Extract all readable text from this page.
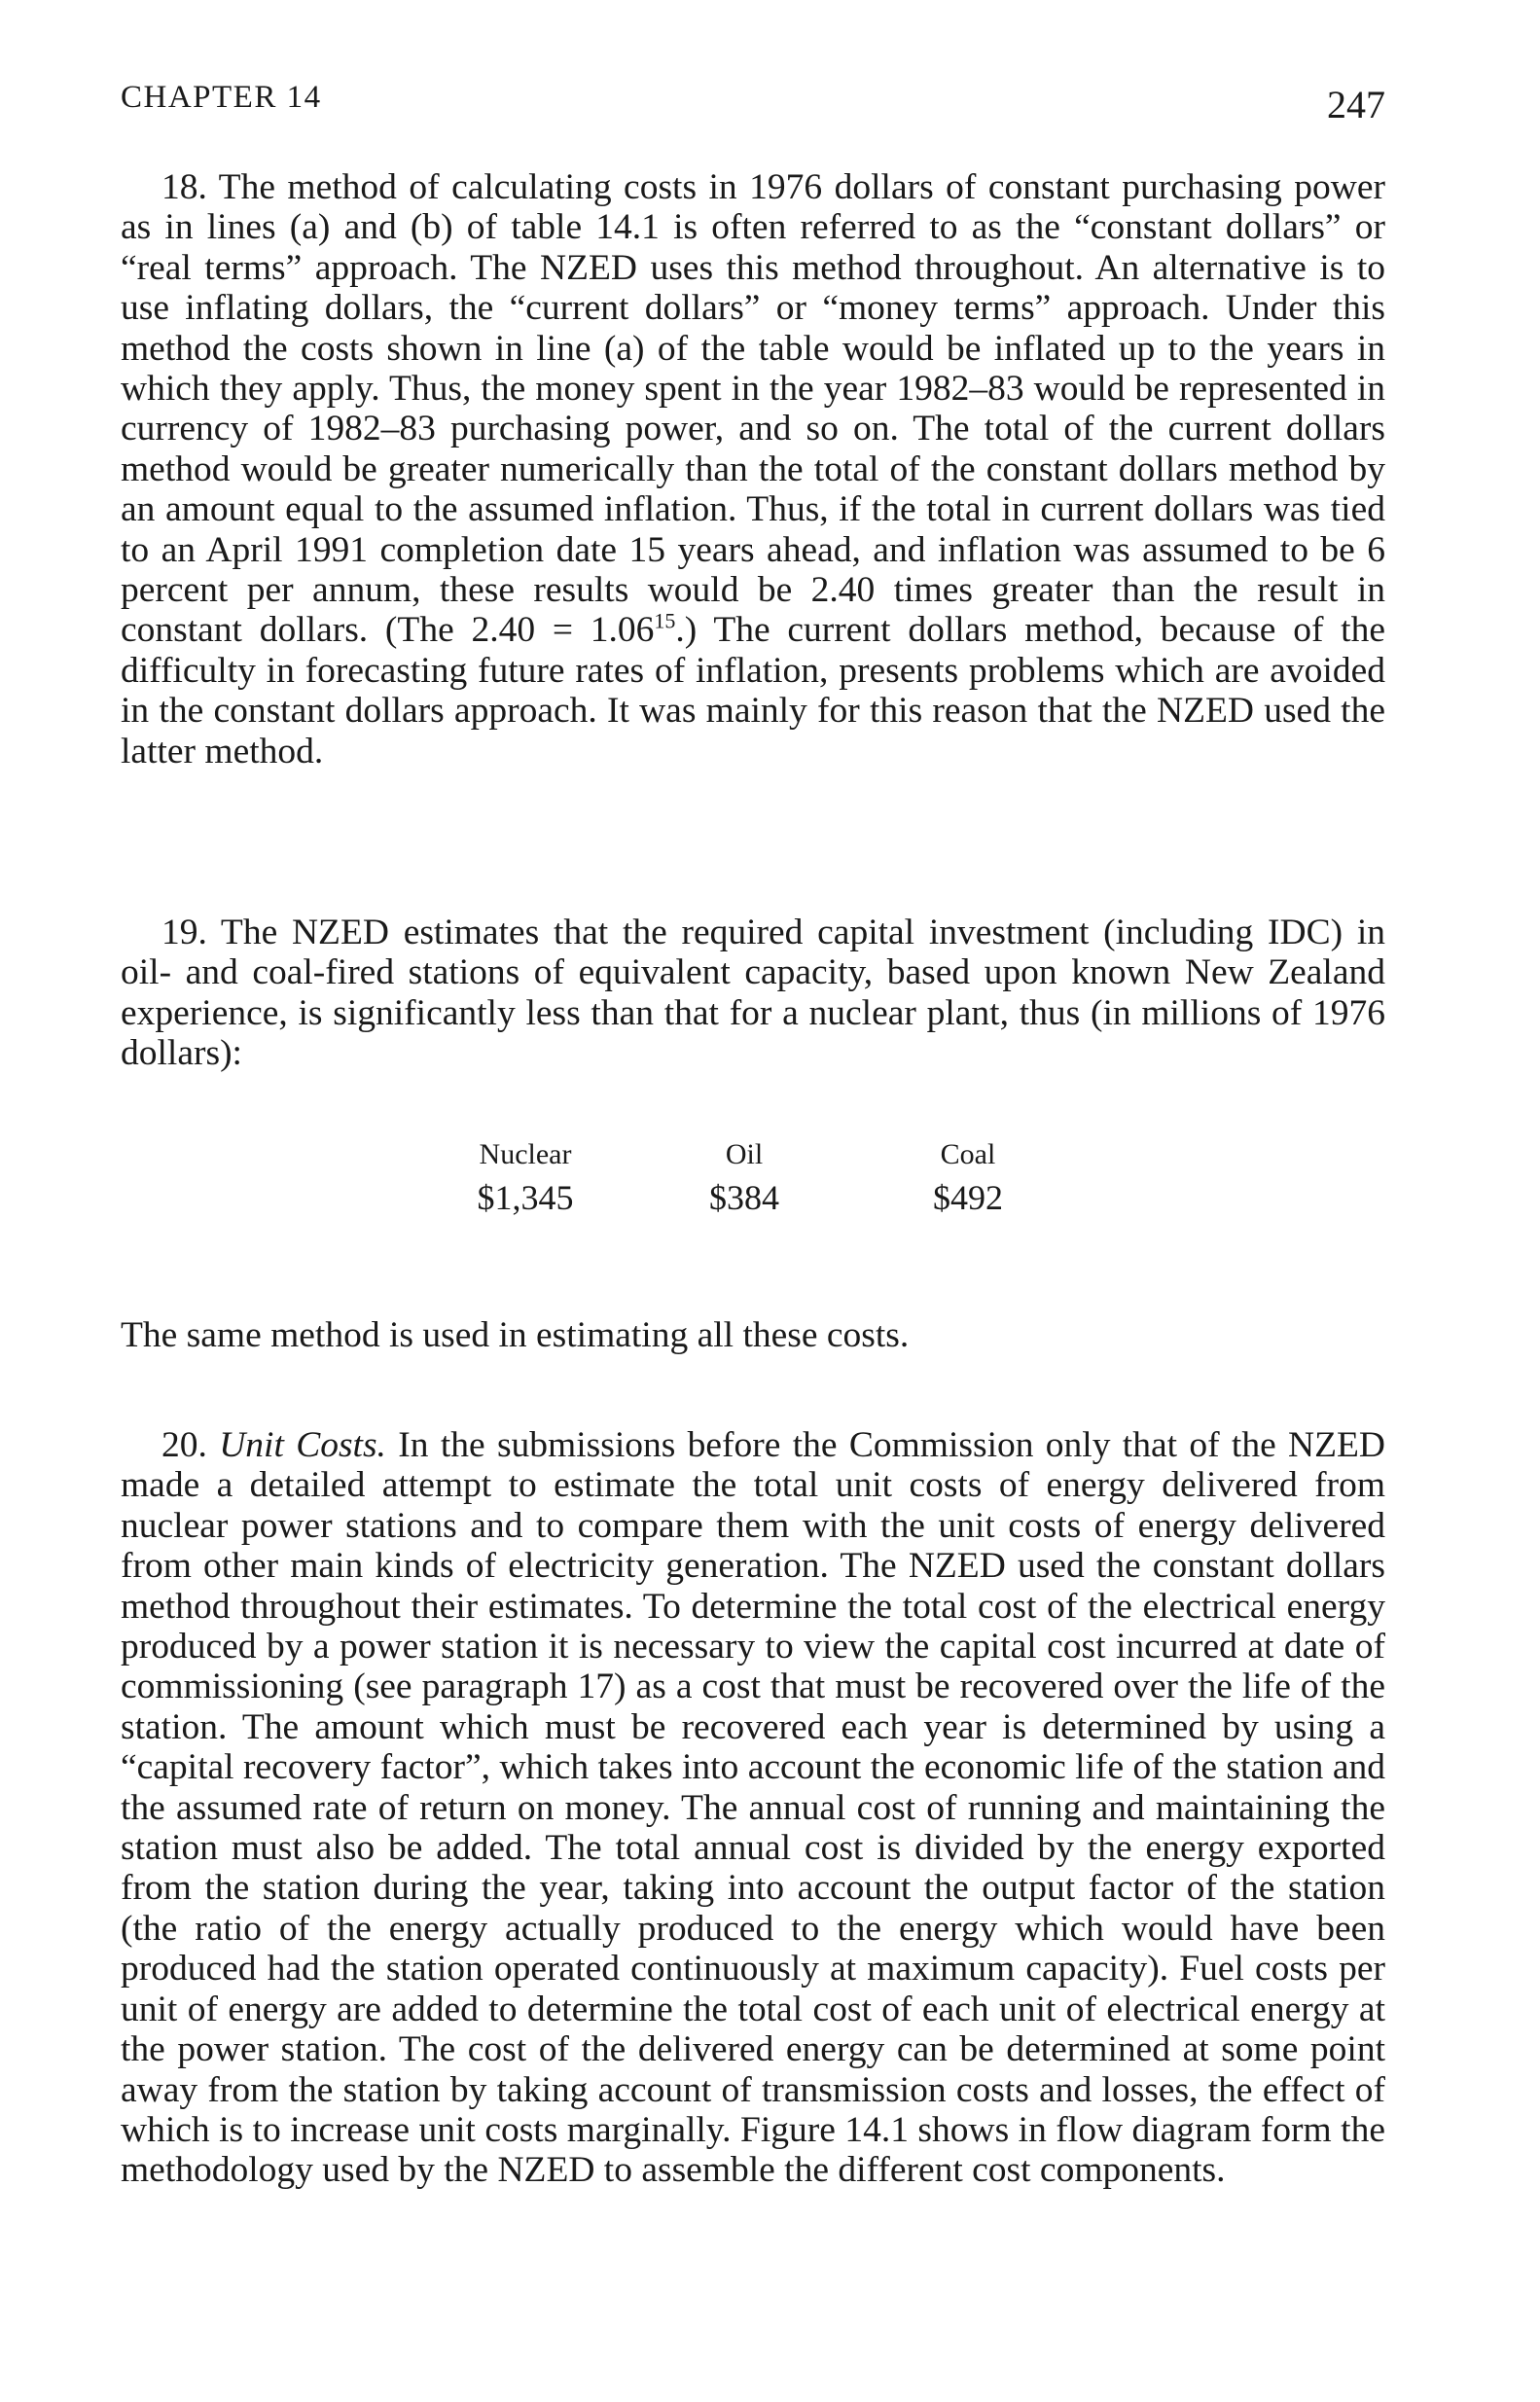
CHAPTER 14	247

18. The method of calculating costs in 1976 dollars of constant purchasing power as in lines (a) and (b) of table 14.1 is often referred to as the “constant dollars” or “real terms” approach. The NZED uses this method throughout. An alternative is to use inflating dollars, the “current dollars” or “money terms” approach. Under this method the costs shown in line (a) of the table would be inflated up to the years in which they apply. Thus, the money spent in the year 1982–83 would be represented in currency of 1982–83 purchasing power, and so on. The total of the current dollars method would be greater numerically than the total of the constant dollars method by an amount equal to the assumed inflation. Thus, if the total in current dollars was tied to an April 1991 completion date 15 years ahead, and inflation was assumed to be 6 percent per annum, these results would be 2.40 times greater than the result in constant dollars. (The $2.40 = 1.06^{15}$.) The current dollars method, because of the difficulty in forecasting future rates of inflation, presents problems which are avoided in the constant dollars approach. It was mainly for this reason that the NZED used the latter method.

19. The NZED estimates that the required capital investment (including IDC) in oil- and coal-fired stations of equivalent capacity, based upon known New Zealand experience, is significantly less than that for a nuclear plant, thus (in millions of 1976 dollars):

Nuclear
$1,345
Oil
$384
Coal
$492

The same method is used in estimating all these costs.

20. Unit Costs. In the submissions before the Commission only that of the NZED made a detailed attempt to estimate the total unit costs of energy delivered from nuclear power stations and to compare them with the unit costs of energy delivered from other main kinds of electricity generation. The NZED used the constant dollars method throughout their estimates. To determine the total cost of the electrical energy produced by a power station it is necessary to view the capital cost incurred at date of commissioning (see paragraph 17) as a cost that must be recovered over the life of the station. The amount which must be recovered each year is determined by using a “capital recovery factor”, which takes into account the economic life of the station and the assumed rate of return on money. The annual cost of running and maintaining the station must also be added. The total annual cost is divided by the energy exported from the station during the year, taking into account the output factor of the station (the ratio of the energy actually produced to the energy which would have been produced had the station operated continuously at maximum capacity). Fuel costs per unit of energy are added to determine the total cost of each unit of electrical energy at the power station. The cost of the delivered energy can be determined at some point away from the station by taking account of transmission costs and losses, the effect of which is to increase unit costs marginally. Figure 14.1 shows in flow diagram form the methodology used by the NZED to assemble the different cost components.
